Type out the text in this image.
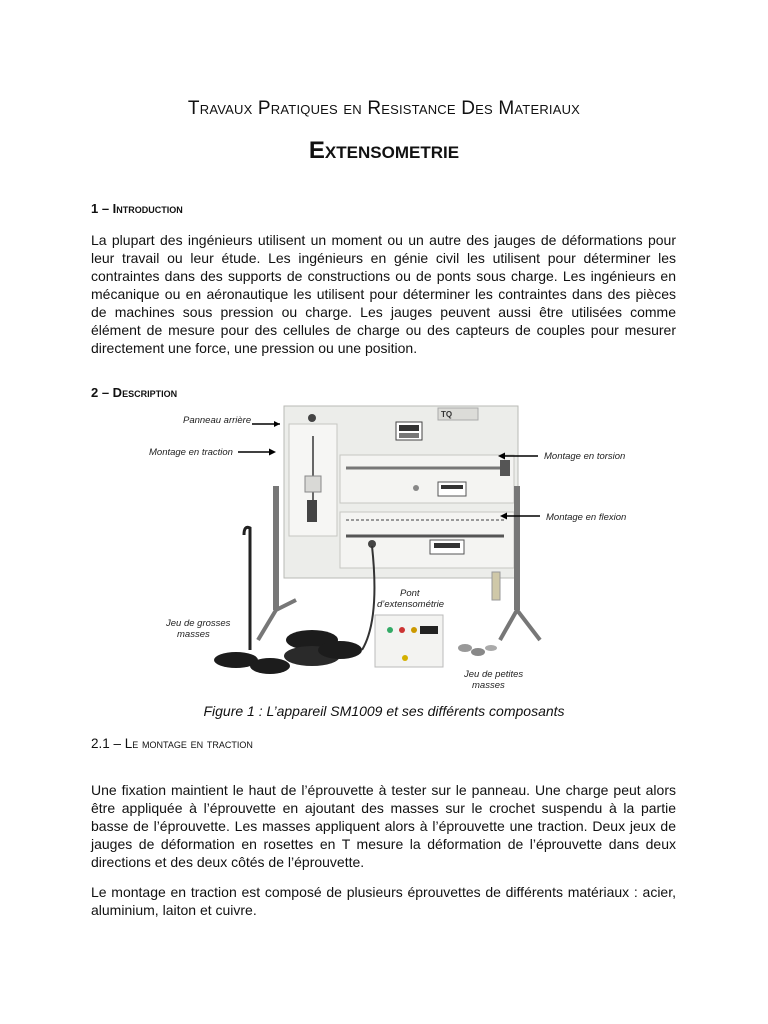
Travaux Pratiques en Resistance Des Materiaux
Extensometrie
1 – Introduction
La plupart des ingénieurs utilisent un moment ou un autre des jauges de déformations pour leur travail ou leur étude. Les ingénieurs en génie civil les utilisent pour déterminer les contraintes dans des supports de constructions ou de ponts sous charge. Les ingénieurs en mécanique ou en aéronautique les utilisent pour déterminer les contraintes dans des pièces de machines sous pression ou charge. Les jauges peuvent aussi être utilisées comme élément de mesure pour des cellules de charge ou des capteurs de couples pour mesurer directement une force, une pression ou une position.
2 – Description
TQ
Panneau arrière
Montage en traction	Montage en torsion
Montage en flexion
Jeu de grosses
masses
Pont
d’extensométrie
Jeu de petites
masses
Figure 1 : L’appareil SM1009 et ses différents composants
2.1 – Le montage en traction
Une fixation maintient le haut de l’éprouvette à tester sur le panneau. Une charge peut alors être appliquée à l’éprouvette en ajoutant des masses sur le crochet suspendu à la partie basse de l’éprouvette. Les masses appliquent alors à l’éprouvette une traction. Deux jeux de jauges de déformation en rosettes en T mesure la déformation de l’éprouvette dans deux directions et des deux côtés de l’éprouvette.
Le montage en traction est composé de plusieurs éprouvettes de différents matériaux : acier, aluminium, laiton et cuivre.
